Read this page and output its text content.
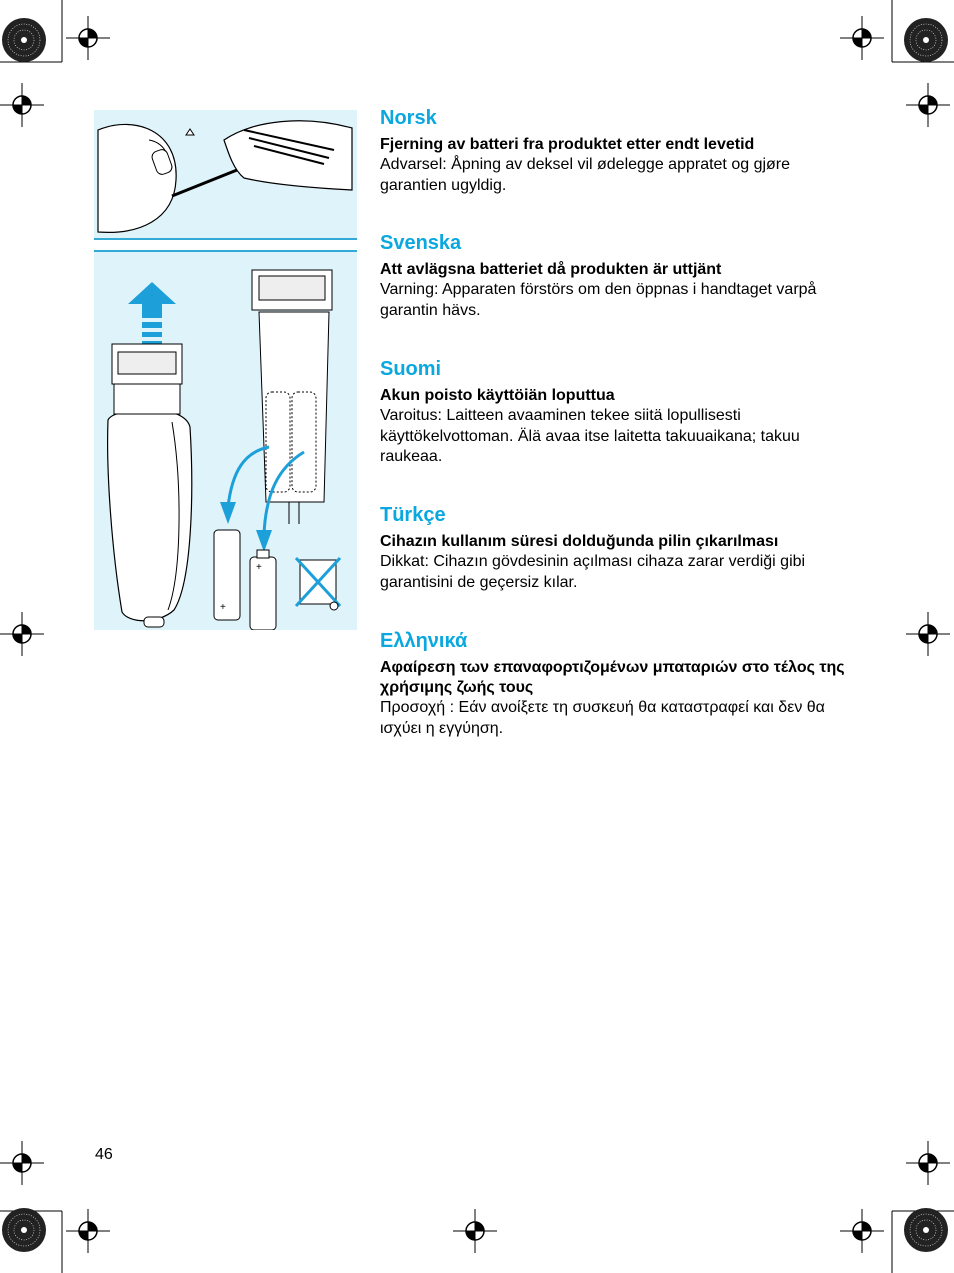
+
+
Norsk

Fjerning av batteri fra produktet etter endt levetid

Advarsel: Åpning av deksel vil ødelegge appratet og gjøre garantien ugyldig.

Svenska

Att avlägsna batteriet då produkten är uttjänt

Varning: Apparaten förstörs om den öppnas i handtaget varpå garantin hävs.

Suomi

Akun poisto käyttöiän loputtua

Varoitus: Laitteen avaaminen tekee siitä lopullisesti käyttökelvottoman. Älä avaa itse laitetta takuuaikana; takuu raukeaa.

Türkçe

Cihazın kullanım süresi dolduğunda pilin çıkarılması

Dikkat: Cihazın gövdesinin açılması cihaza zarar verdiği gibi garantisini de geçersiz kılar.

Ελληνικά

Αφαίρεση των επαναφορτιζομένων μπαταριών στο τέλος της χρήσιμης ζωής τους

Προσοχή : Εάν ανοίξετε τη συσκευή θα καταστραφεί και δεν θα ισχύει η εγγύηση.

46
